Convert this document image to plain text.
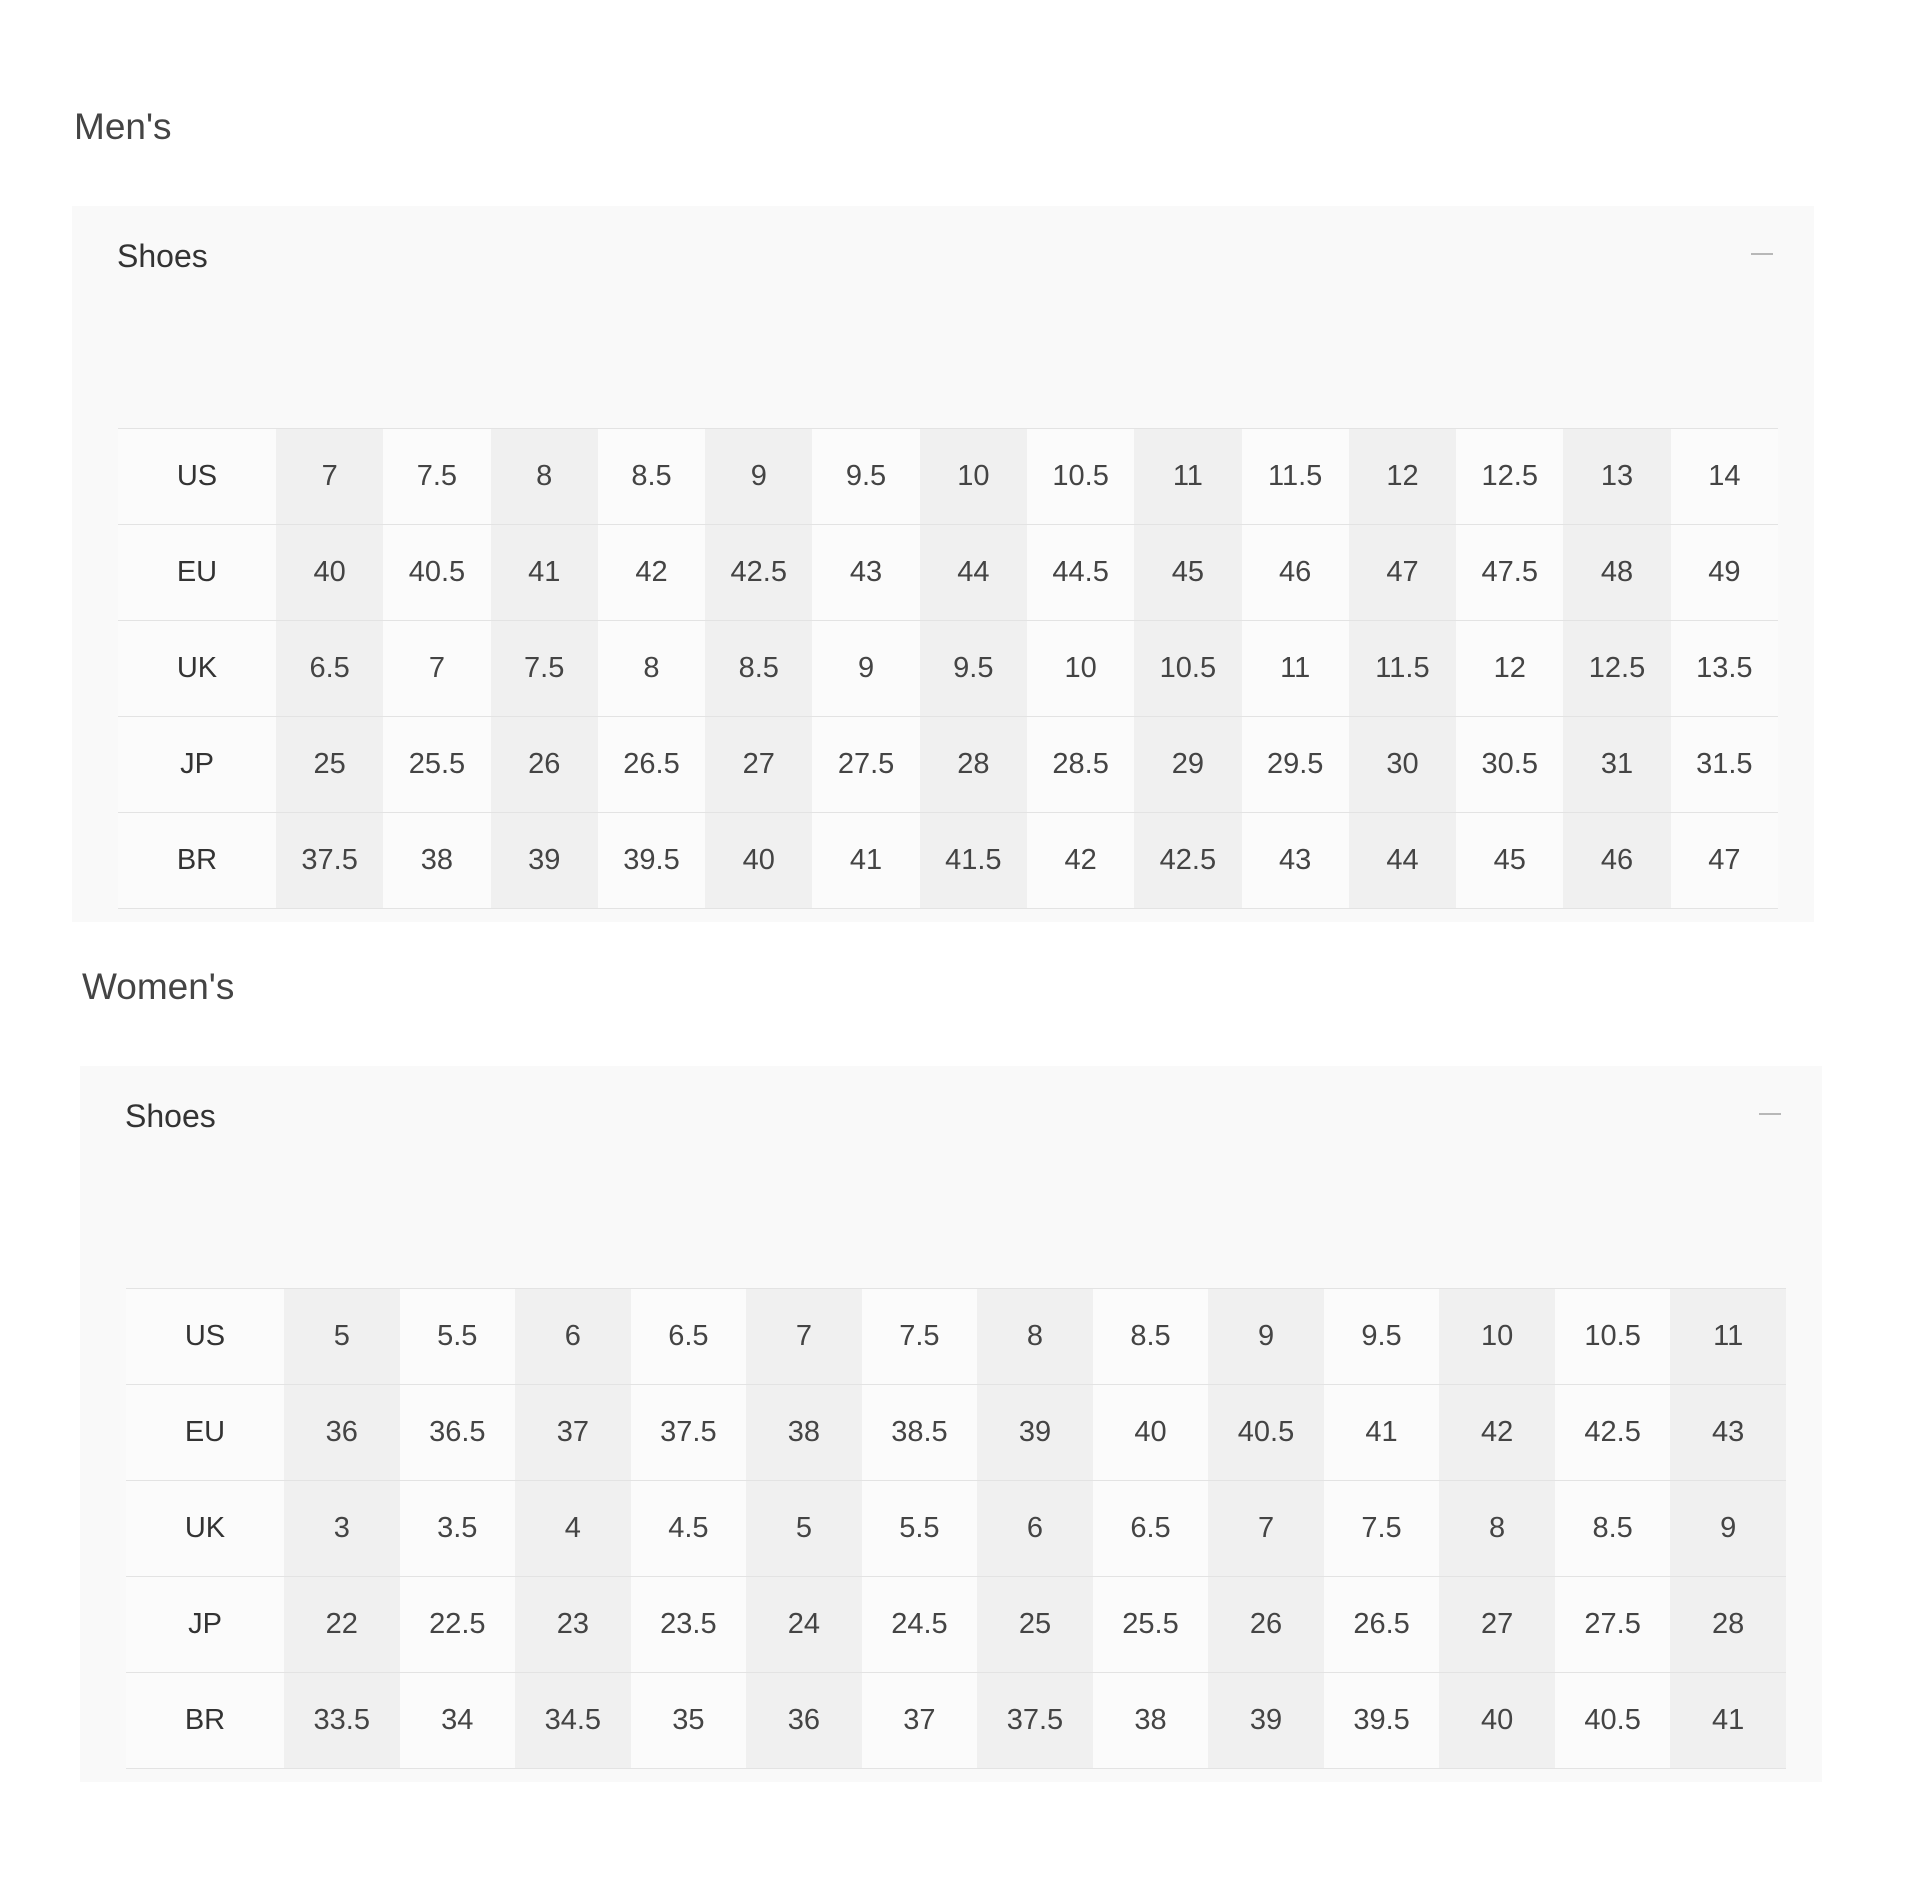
Men's
Shoes
US	7	7.5	8	8.5	9	9.5	10	10.5	11	11.5	12	12.5	13	14
EU	40	40.5	41	42	42.5	43	44	44.5	45	46	47	47.5	48	49
UK	6.5	7	7.5	8	8.5	9	9.5	10	10.5	11	11.5	12	12.5	13.5
JP	25	25.5	26	26.5	27	27.5	28	28.5	29	29.5	30	30.5	31	31.5
BR	37.5	38	39	39.5	40	41	41.5	42	42.5	43	44	45	46	47
Women's
Shoes
US	5	5.5	6	6.5	7	7.5	8	8.5	9	9.5	10	10.5	11
EU	36	36.5	37	37.5	38	38.5	39	40	40.5	41	42	42.5	43
UK	3	3.5	4	4.5	5	5.5	6	6.5	7	7.5	8	8.5	9
JP	22	22.5	23	23.5	24	24.5	25	25.5	26	26.5	27	27.5	28
BR	33.5	34	34.5	35	36	37	37.5	38	39	39.5	40	40.5	41
